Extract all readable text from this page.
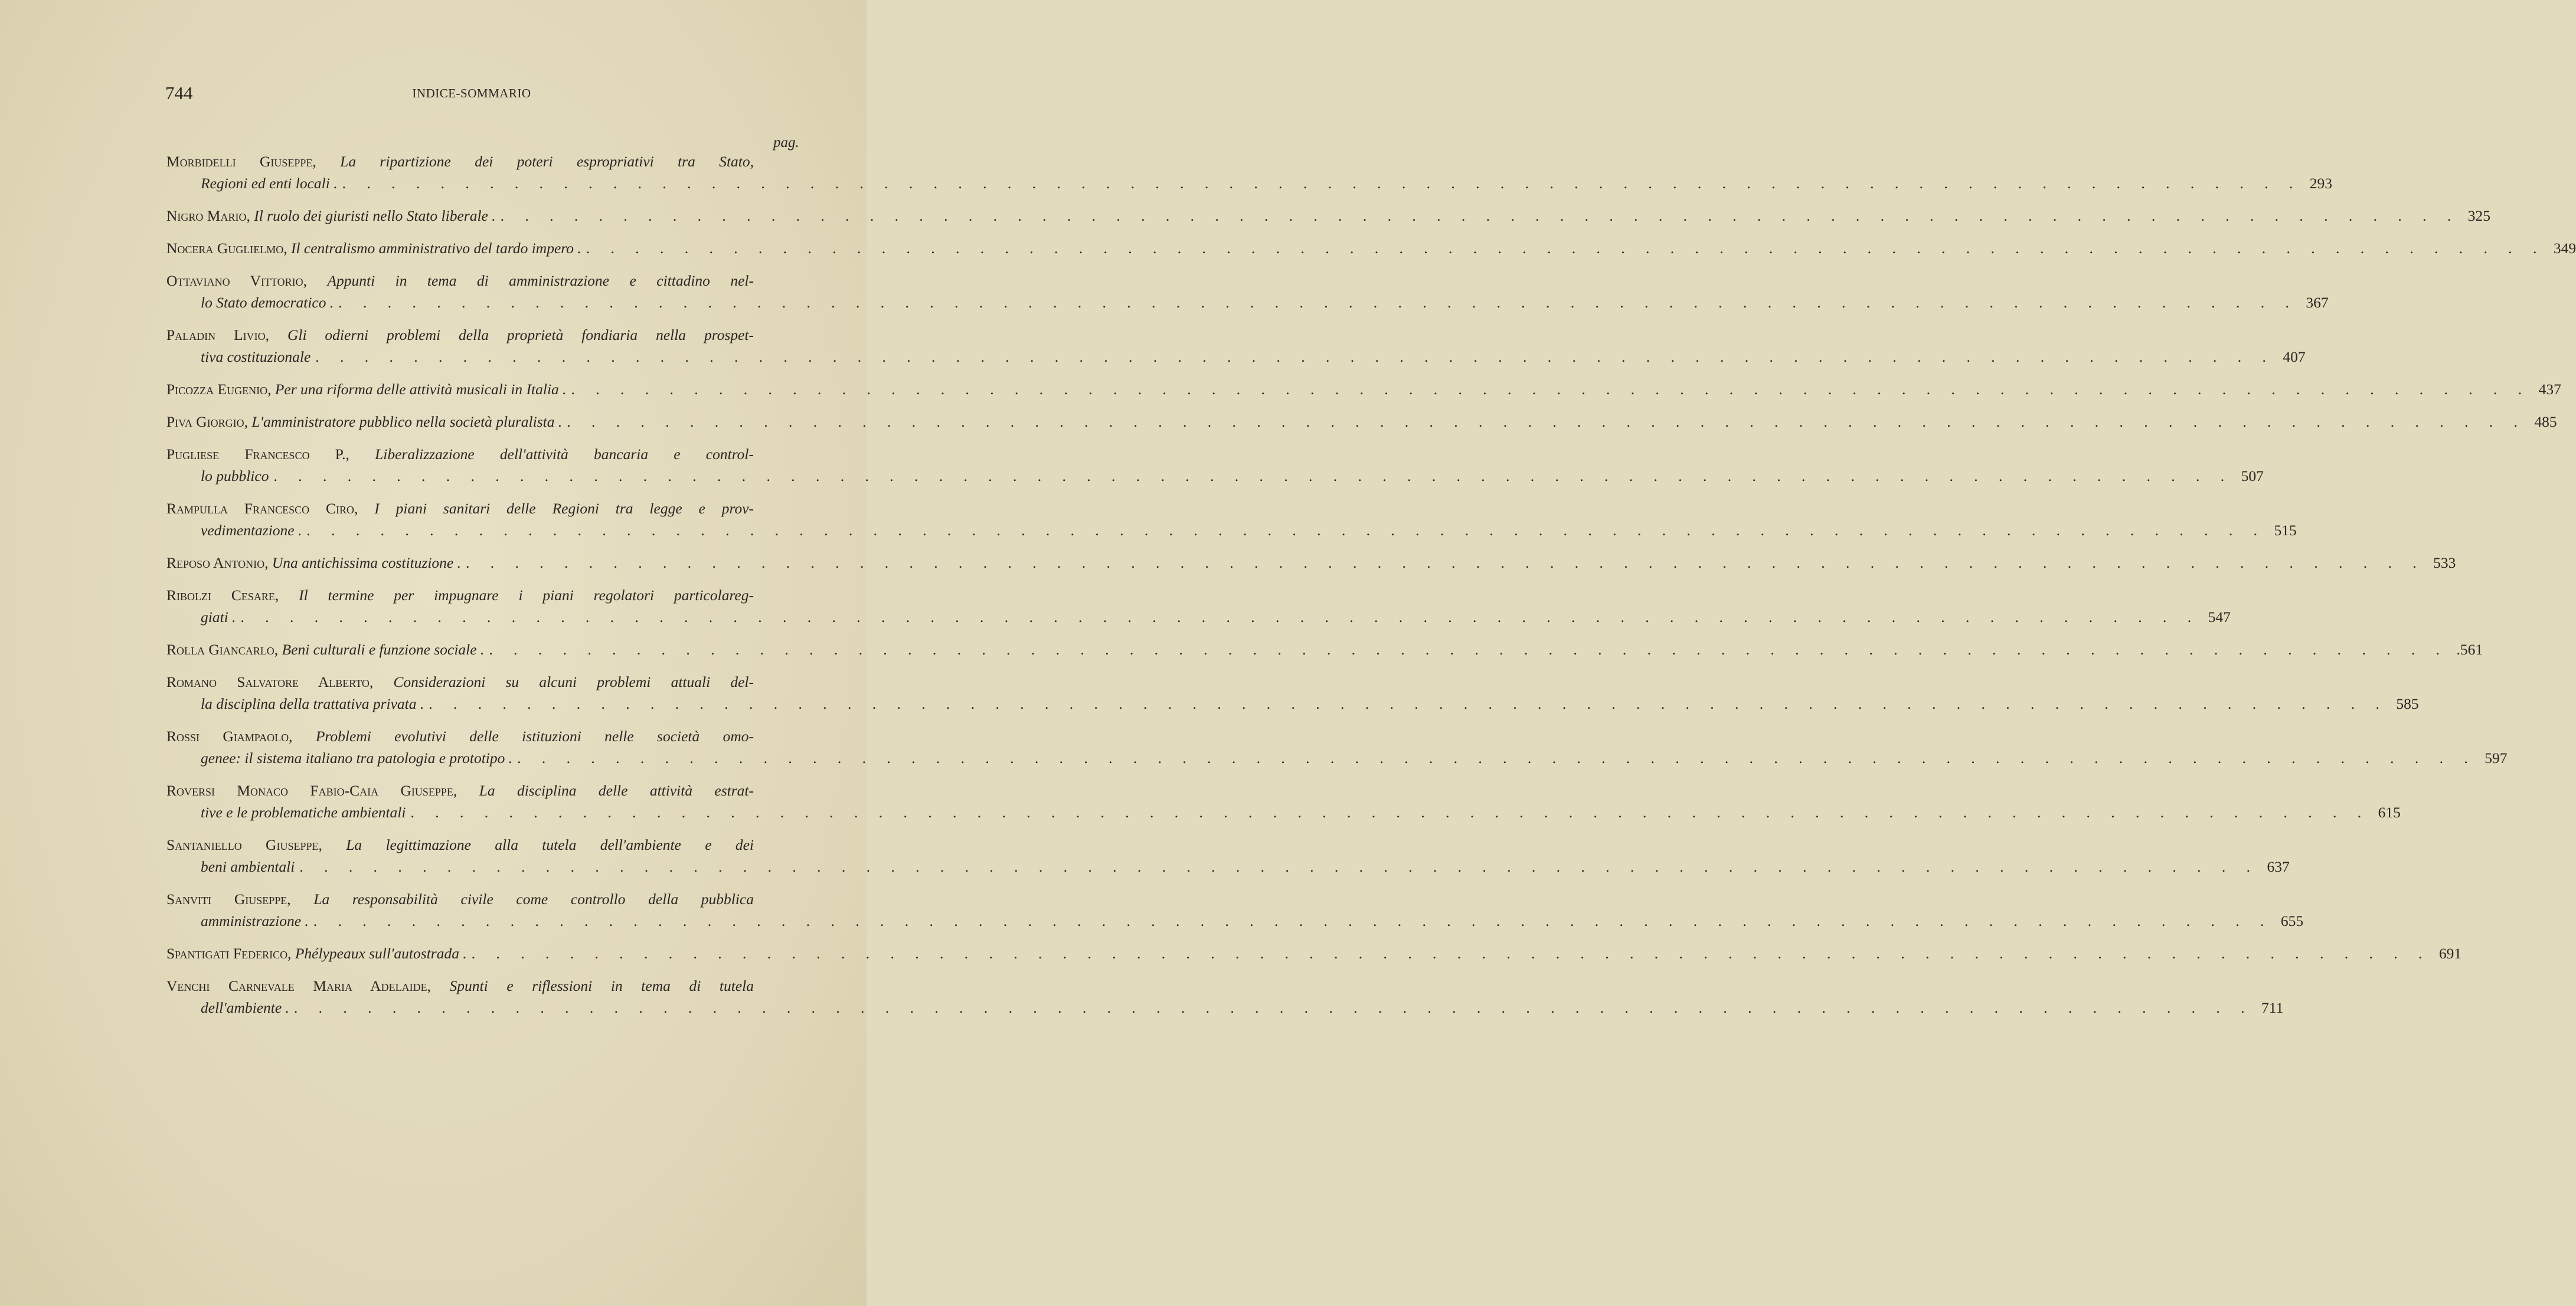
744	INDICE-SOMMARIO
pag.
Morbidelli Giuseppe, La ripartizione dei poteri espropriativi tra Stato,
Regioni ed enti locali . . . . . . . . . . . . . . . . . . . . . . . . . . . . . . . . . . . . . . . . . . . . . . . . . . . . . . . . . . . . . . . . . . . . . . . . . . . . . . . . . 293
Nigro Mario, Il ruolo dei giuristi nello Stato liberale . . . . . . . . . . . . . . . . . . . . . . . . . . . . . . . . . . . . . . . . . . . . . . . . . . . . . . . . . . . . . . . . . . . . . . . . . . . . . . . . . 325
Nocera Guglielmo, Il centralismo amministrativo del tardo impero . . . . . . . . . . . . . . . . . . . . . . . . . . . . . . . . . . . . . . . . . . . . . . . . . . . . . . . . . . . . . . . . . . . . . . . . . . . . . . . . . 349
Ottaviano Vittorio, Appunti in tema di amministrazione e cittadino nel-
lo Stato democratico . . . . . . . . . . . . . . . . . . . . . . . . . . . . . . . . . . . . . . . . . . . . . . . . . . . . . . . . . . . . . . . . . . . . . . . . . . . . . . . . . 367
Paladin Livio, Gli odierni problemi della proprietà fondiaria nella prospet-
tiva costituzionale . . . . . . . . . . . . . . . . . . . . . . . . . . . . . . . . . . . . . . . . . . . . . . . . . . . . . . . . . . . . . . . . . . . . . . . . . . . . . . . . 407
Picozza Eugenio, Per una riforma delle attività musicali in Italia . . . . . . . . . . . . . . . . . . . . . . . . . . . . . . . . . . . . . . . . . . . . . . . . . . . . . . . . . . . . . . . . . . . . . . . . . . . . . . . . . 437
Piva Giorgio, L'amministratore pubblico nella società pluralista . . . . . . . . . . . . . . . . . . . . . . . . . . . . . . . . . . . . . . . . . . . . . . . . . . . . . . . . . . . . . . . . . . . . . . . . . . . . . . . . . 485
Pugliese Francesco P., Liberalizzazione dell'attività bancaria e control-
lo pubblico . . . . . . . . . . . . . . . . . . . . . . . . . . . . . . . . . . . . . . . . . . . . . . . . . . . . . . . . . . . . . . . . . . . . . . . . . . . . . . . . 507
Rampulla Francesco Ciro, I piani sanitari delle Regioni tra legge e prov-
vedimentazione . . . . . . . . . . . . . . . . . . . . . . . . . . . . . . . . . . . . . . . . . . . . . . . . . . . . . . . . . . . . . . . . . . . . . . . . . . . . . . . . . 515
Reposo Antonio, Una antichissima costituzione . . . . . . . . . . . . . . . . . . . . . . . . . . . . . . . . . . . . . . . . . . . . . . . . . . . . . . . . . . . . . . . . . . . . . . . . . . . . . . . . . 533
Ribolzi Cesare, Il termine per impugnare i piani regolatori particolareg-
giati . . . . . . . . . . . . . . . . . . . . . . . . . . . . . . . . . . . . . . . . . . . . . . . . . . . . . . . . . . . . . . . . . . . . . . . . . . . . . . . . . 547
Rolla Giancarlo, Beni culturali e funzione sociale . . . . . . . . . . . . . . . . . . . . . . . . . . . . . . . . . . . . . . . . . . . . . . . . . . . . . . . . . . . . . . . . . . . . . . . . . . . . . . . . . .561
Romano Salvatore Alberto, Considerazioni su alcuni problemi attuali del-
la disciplina della trattativa privata . . . . . . . . . . . . . . . . . . . . . . . . . . . . . . . . . . . . . . . . . . . . . . . . . . . . . . . . . . . . . . . . . . . . . . . . . . . . . . . . . 585
Rossi Giampaolo, Problemi evolutivi delle istituzioni nelle società omo-
genee: il sistema italiano tra patologia e prototipo . . . . . . . . . . . . . . . . . . . . . . . . . . . . . . . . . . . . . . . . . . . . . . . . . . . . . . . . . . . . . . . . . . . . . . . . . . . . . . . . . 597
Roversi Monaco Fabio-Caia Giuseppe, La disciplina delle attività estrat-
tive e le problematiche ambientali . . . . . . . . . . . . . . . . . . . . . . . . . . . . . . . . . . . . . . . . . . . . . . . . . . . . . . . . . . . . . . . . . . . . . . . . . . . . . . . . 615
Santaniello Giuseppe, La legittimazione alla tutela dell'ambiente e dei
beni ambientali . . . . . . . . . . . . . . . . . . . . . . . . . . . . . . . . . . . . . . . . . . . . . . . . . . . . . . . . . . . . . . . . . . . . . . . . . . . . . . . . 637
Sanviti Giuseppe, La responsabilità civile come controllo della pubblica
amministrazione . . . . . . . . . . . . . . . . . . . . . . . . . . . . . . . . . . . . . . . . . . . . . . . . . . . . . . . . . . . . . . . . . . . . . . . . . . . . . . . . . 655
Spantigati Federico, Phélypeaux sull'autostrada . . . . . . . . . . . . . . . . . . . . . . . . . . . . . . . . . . . . . . . . . . . . . . . . . . . . . . . . . . . . . . . . . . . . . . . . . . . . . . . . . 691
Venchi Carnevale Maria Adelaide, Spunti e riflessioni in tema di tutela
dell'ambiente . . . . . . . . . . . . . . . . . . . . . . . . . . . . . . . . . . . . . . . . . . . . . . . . . . . . . . . . . . . . . . . . . . . . . . . . . . . . . . . . . 711
